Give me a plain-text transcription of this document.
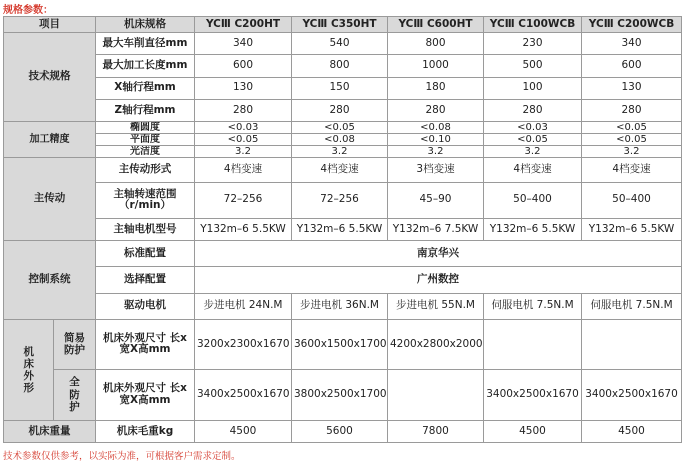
规格参数：
项目		机床规格	YCⅢ C200HT	YCⅢ C350HT	YCⅢ C600HT	YCⅢ C100WCB	YCⅢ C200WCB
技术规格		最大车削直径mm	340	540	800	230	340
		最大加工长度mm	600	800	1000	500	600
		X轴行程mm	130	150	180	100	130
		Z轴行程mm	280	280	280	280	280
加工精度		椭圆度	<0.03	<0.05	<0.08	<0.03	<0.05
		平面度	<0.05	<0.08	<0.10	<0.05	<0.05
		光洁度	3.2	3.2	3.2	3.2	3.2
主传动		主传动形式	4档变速	4档变速	3档变速	4档变速	4档变速
		主轴转速范围 （r/min）	72–256	72–256	45–90	50–400	50–400
		主轴电机型号	Y132m–6 5.5KW	Y132m–6 5.5KW	Y132m–6 7.5KW	Y132m–6 5.5KW	Y132m–6 5.5KW
控制系统		标准配置	南京华兴				
		选择配置	广州数控				
		驱动电机	步进电机 24N.M	步进电机 36N.M	步进电机 55N.M	伺服电机 7.5N.M	伺服电机 7.5N.M

机床外形	简易防护	机床外观尺寸 长x宽X高mm	3200x2300x1670	3600x1500x1700	4200x2800x2000		

	全防护	机床外观尺寸 长x宽X高mm	3400x2500x1670	3800x2500x1700		3400x2500x1670	3400x2500x1670
机床重量		机床毛重kg	4500	5600	7800	4500	4500
技术参数仅供参考，以实际为准，可根据客户需求定制。
